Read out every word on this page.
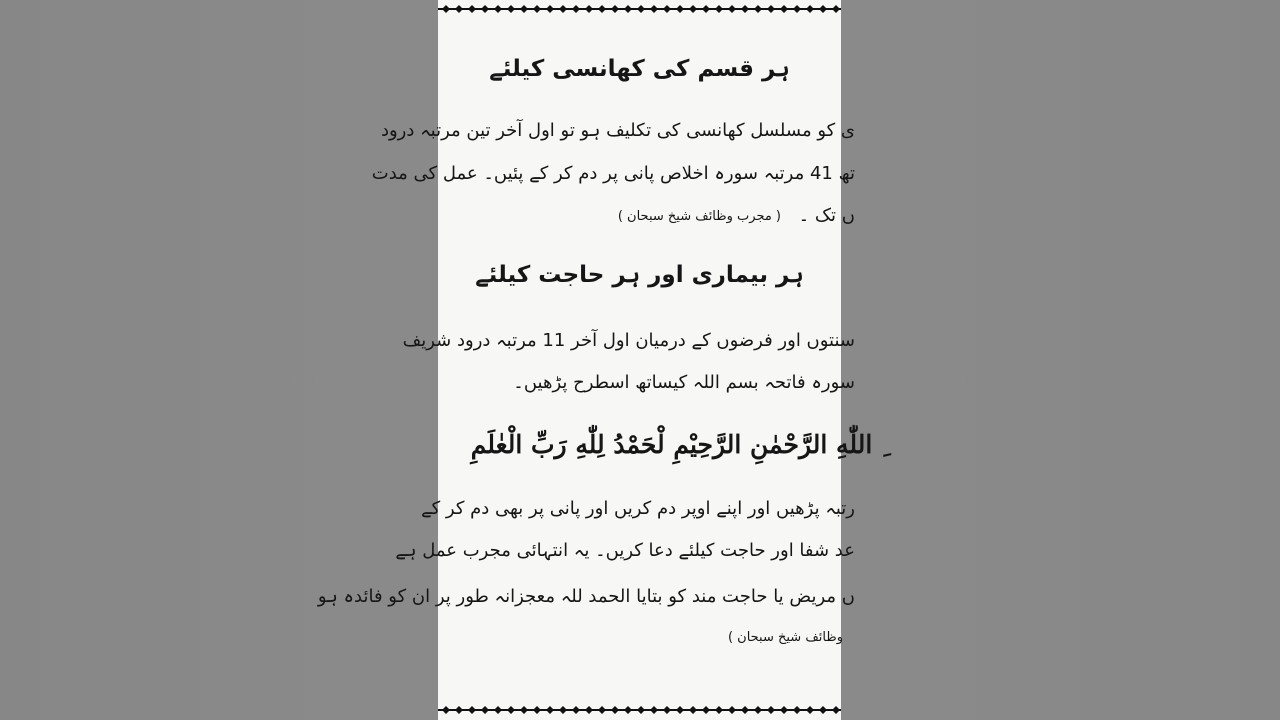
ہر قسم کی کھانسی کیلئے
ی کو مسلسل کھانسی کی تکلیف ہو تو اول آخر تین مرتبہ درود
تھ 41 مرتبہ سورہ اخلاص پانی پر دم کر کے پئیں۔ عمل کی مدت
ں تک ۔
( مجرب وظائف شیخ سبحان )
ہر بیماری اور ہر حاجت کیلئے
سنتوں اور فرضوں کے درمیان اول آخر 11 مرتبہ درود شریف
سورہ فاتحہ بسم اللہ کیساتھ اسطرح پڑھیں۔
ِ اللّٰهِ الرَّحْمٰنِ الرَّحِيْمِ لْحَمْدُ لِلّٰهِ رَبِّ الْعٰلَمِ
رتبہ پڑھیں اور اپنے اوپر دم کریں اور پانی پر بھی دم کر کے
عد شفا اور حاجت کیلئے دعا کریں۔ یہ انتہائی مجرب عمل ہے
ں مریض یا حاجت مند کو بتایا الحمد للہ معجزانہ طور پر ان کو فائدہ ہو
وظائف شیخ سبحان )
